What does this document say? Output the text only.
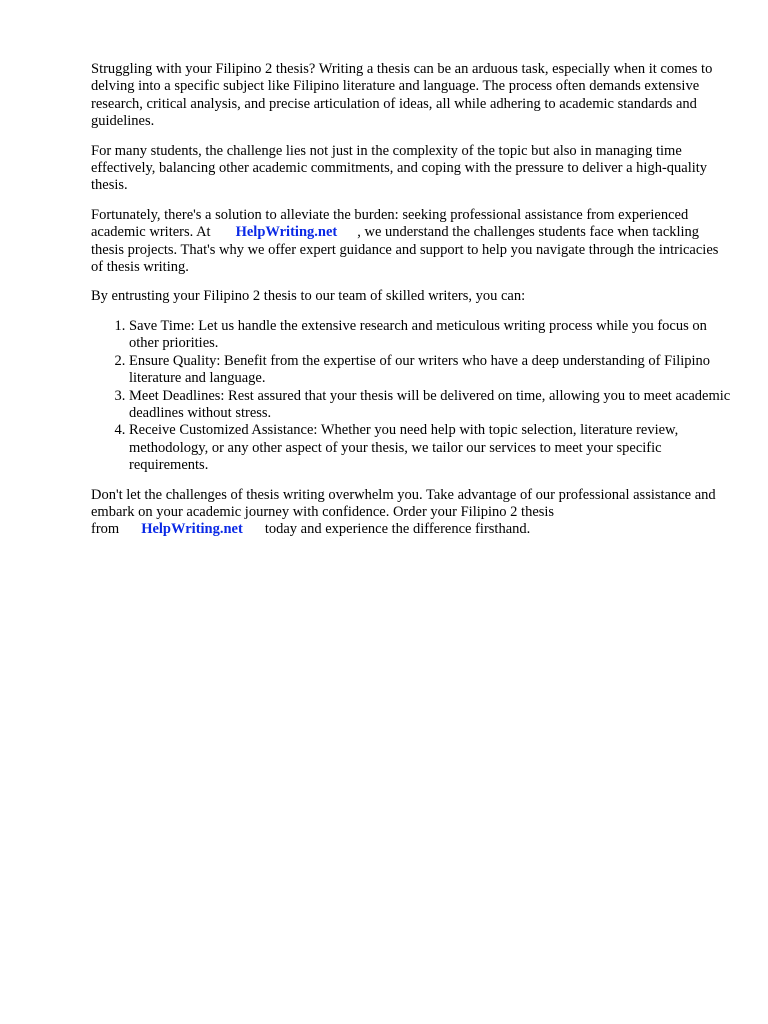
Struggling with your Filipino 2 thesis? Writing a thesis can be an arduous task, especially when it comes to delving into a specific subject like Filipino literature and language. The process often demands extensive research, critical analysis, and precise articulation of ideas, all while adhering to academic standards and guidelines.

For many students, the challenge lies not just in the complexity of the topic but also in managing time effectively, balancing other academic commitments, and coping with the pressure to deliver a high-quality thesis.

Fortunately, there's a solution to alleviate the burden: seeking professional assistance from experienced academic writers. At HelpWriting.net , we understand the challenges students face when tackling thesis projects. That's why we offer expert guidance and support to help you navigate through the intricacies of thesis writing.

By entrusting your Filipino 2 thesis to our team of skilled writers, you can:

1. Save Time: Let us handle the extensive research and meticulous writing process while you focus on other priorities.
2. Ensure Quality: Benefit from the expertise of our writers who have a deep understanding of Filipino literature and language.
3. Meet Deadlines: Rest assured that your thesis will be delivered on time, allowing you to meet academic deadlines without stress.
4. Receive Customized Assistance: Whether you need help with topic selection, literature review, methodology, or any other aspect of your thesis, we tailor our services to meet your specific requirements.

Don't let the challenges of thesis writing overwhelm you. Take advantage of our professional assistance and embark on your academic journey with confidence. Order your Filipino 2 thesis from HelpWriting.net today and experience the difference firsthand.
